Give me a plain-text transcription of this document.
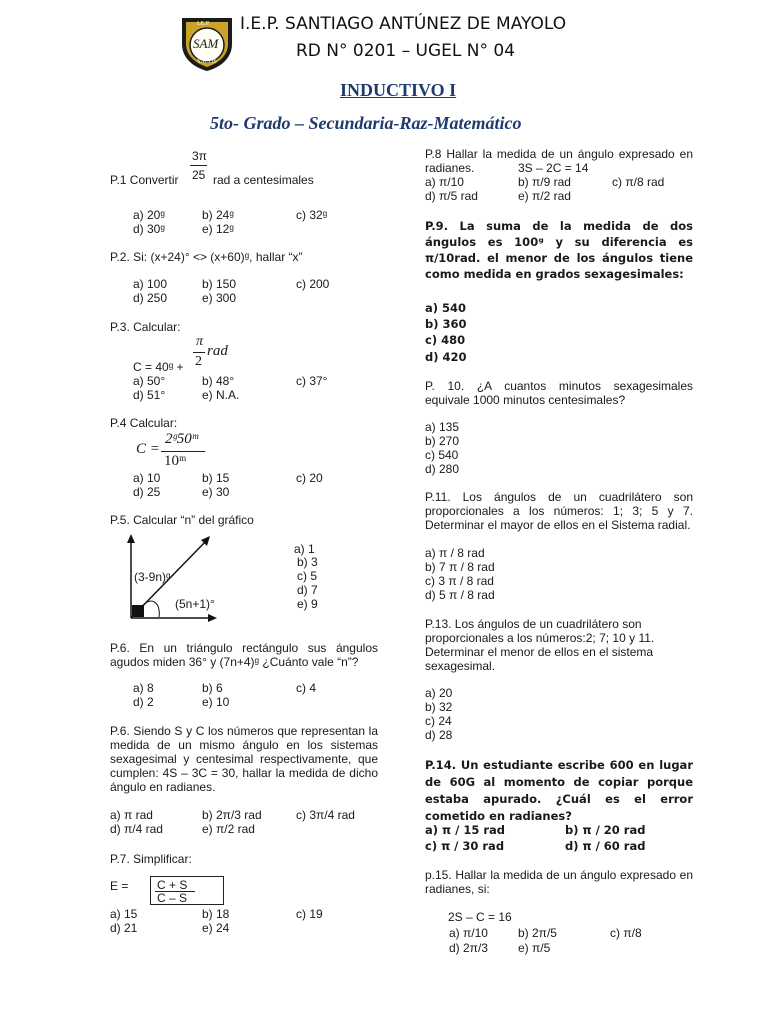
I.E.P.
SAM
YACOS
I.E.P. SANTIAGO ANTÚNEZ DE MAYOLO
RD N° 0201 – UGEL N° 04
INDUCTIVO I
5to- Grado – Secundaria-Raz-Matemático
3π
25
P.1 Convertir	rad a centesimales
a) 20ᵍ	b) 24ᵍ	c) 32ᵍ
d) 30ᵍ	e) 12ᵍ
P.2. Si: (x+24)° <> (x+60)ᵍ, hallar “x”
a) 100	b) 150	c) 200
d) 250	e) 300
P.3. Calcular:
π
2
rad
C = 40ᵍ +
a) 50°	b) 48°	c) 37°
d) 51°	e) N.A.
P.4 Calcular:
C =
2ᵍ50ᵐ
10ᵐ
a) 10	b) 15	c) 20
d) 25	e) 30
P.5. Calcular “n” del gráfico
(3-9n)ᵍ
(5n+1)°
a) 1
b) 3
c) 5
d) 7
e) 9
P.6. En un triángulo rectángulo sus ángulos agudos miden 36° y (7n+4)ᵍ ¿Cuánto vale “n”?
a) 8	b) 6	c) 4
d) 2	e) 10
P.6. Siendo S y C los números que representan la medida de un mismo ángulo en los sistemas sexagesimal y centesimal respectivamente, que cumplen: 4S – 3C = 30, hallar la medida de dicho ángulo en radianes.
a) π rad	b) 2π/3 rad	c) 3π/4 rad
d) π/4 rad	e) π/2 rad
P.7. Simplificar:
E = C + S
C – S
a) 15	b) 18	c) 19
d) 21	e) 24
P.8 Hallar la medida de un ángulo expresado en radianes.	3S – 2C = 14
a) π/10	b) π/9 rad	c) π/8 rad
d) π/5 rad	e) π/2 rad
P.9. La suma de la medida de dos ángulos es 100ᵍ y su diferencia es π/10rad. el menor de los ángulos tiene como medida en grados sexagesimales:
a) 540
b) 360
c) 480
d) 420
P. 10. ¿A cuantos minutos sexagesimales equivale 1000 minutos centesimales?
a) 135
b) 270
c) 540
d) 280
P.11. Los ángulos de un cuadrilátero son proporcionales a los números: 1; 3; 5 y 7. Determinar el mayor de ellos en el Sistema radial.
a) π / 8 rad
b) 7 π / 8 rad
c) 3 π / 8 rad
d) 5 π / 8 rad
P.13. Los ángulos de un cuadrilátero son proporcionales a los números:2; 7; 10 y 11. Determinar el menor de ellos en el sistema sexagesimal.
a) 20
b) 32
c) 24
d) 28
P.14. Un estudiante escribe 600 en lugar de 60G al momento de copiar porque estaba apurado. ¿Cuál es el error cometido en radianes?
a) π / 15 rad	b) π / 20 rad
c) π / 30 rad	d) π / 60 rad
p.15. Hallar la medida de un ángulo expresado en radianes, si:
2S – C = 16
a) π/10	b) 2π/5	c) π/8
d) 2π/3	e) π/5
